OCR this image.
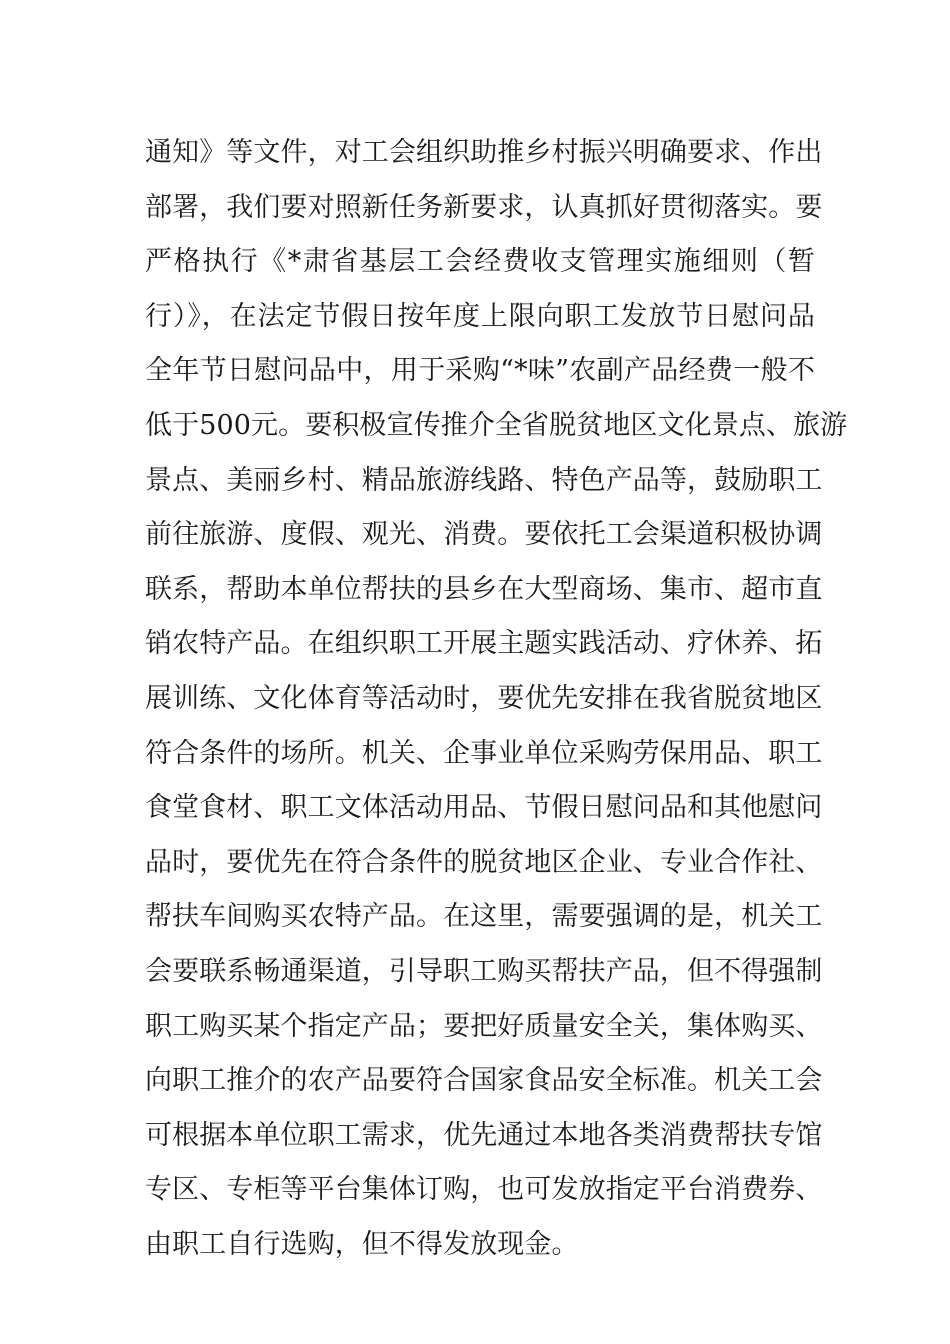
通知》等文件，对工会组织助推乡村振兴明确要求、作出
部署，我们要对照新任务新要求，认真抓好贯彻落实。要
严格执行《*肃省基层工会经费收支管理实施细则（暂
行）》，在法定节假日按年度上限向职工发放节日慰问品
全年节日慰问品中，用于采购“*味”农副产品经费一般不
低于500元。要积极宣传推介全省脱贫地区文化景点、旅游
景点、美丽乡村、精品旅游线路、特色产品等，鼓励职工
前往旅游、度假、观光、消费。要依托工会渠道积极协调
联系，帮助本单位帮扶的县乡在大型商场、集市、超市直
销农特产品。在组织职工开展主题实践活动、疗休养、拓
展训练、文化体育等活动时，要优先安排在我省脱贫地区
符合条件的场所。机关、企事业单位采购劳保用品、职工
食堂食材、职工文体活动用品、节假日慰问品和其他慰问
品时，要优先在符合条件的脱贫地区企业、专业合作社、
帮扶车间购买农特产品。在这里，需要强调的是，机关工
会要联系畅通渠道，引导职工购买帮扶产品，但不得强制
职工购买某个指定产品；要把好质量安全关，集体购买、
向职工推介的农产品要符合国家食品安全标准。机关工会
可根据本单位职工需求，优先通过本地各类消费帮扶专馆
专区、专柜等平台集体订购，也可发放指定平台消费券、
由职工自行选购，但不得发放现金。
